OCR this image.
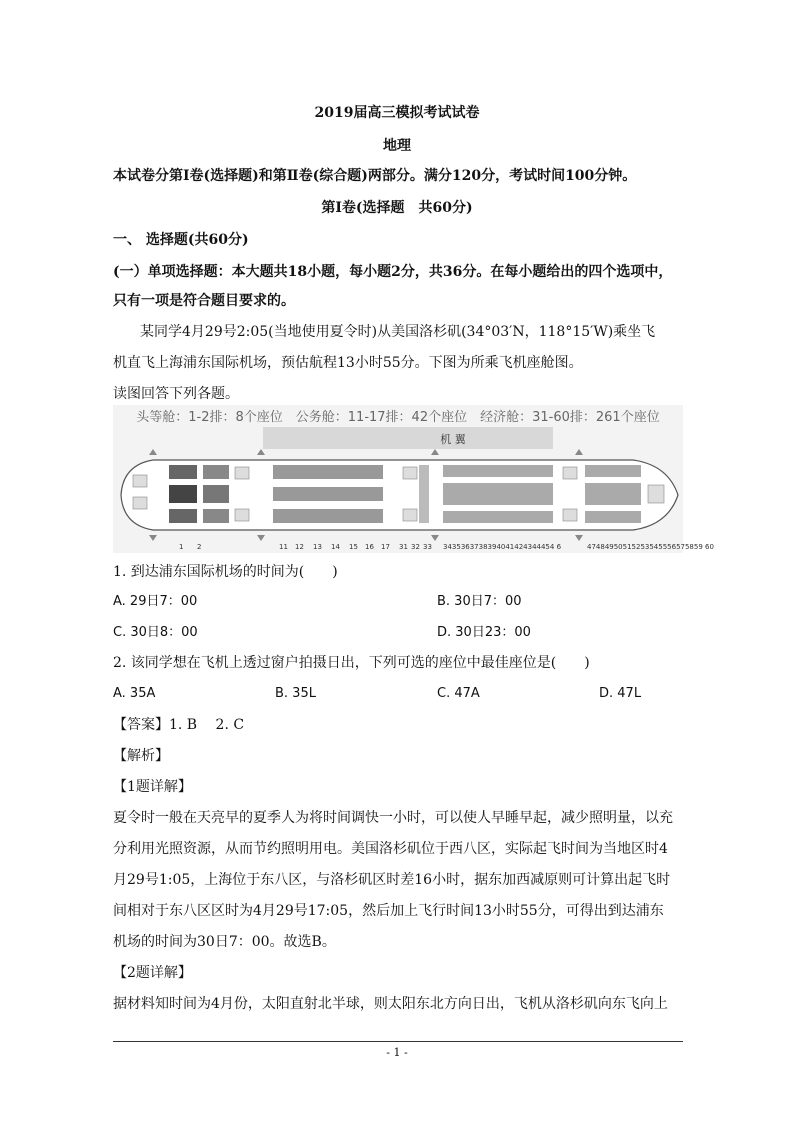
2019届高三模拟考试试卷
地理
本试卷分第Ⅰ卷(选择题)和第Ⅱ卷(综合题)两部分。满分120分，考试时间100分钟。
第Ⅰ卷(选择题　共60分)
一、 选择题(共60分)
(一）单项选择题：本大题共18小题，每小题2分，共36分。在每小题给出的四个选项中，
只有一项是符合题目要求的。
某同学4月29号2:05(当地使用夏令时)从美国洛杉矶(34°03′N，118°15′W)乘坐飞
机直飞上海浦东国际机场，预估航程13小时55分。下图为所乘飞机座舱图。
读图回答下列各题。
头等舱：1-2排：8个座位　公务舱：11-17排：42个座位　经济舱：31-60排：261个座位
机 翼
1 2	11 12 13 14 15 16 17 31 32 33 3435363738394041424344454 6	47484950515253545556575859 60
1. 到达浦东国际机场的时间为(　　)
A. 29日7：00	B. 30日7：00
C. 30日8：00	D. 30日23：00
2. 该同学想在飞机上透过窗户拍摄日出，下列可选的座位中最佳座位是(　　)
A. 35A	B. 35L	C. 47A	D. 47L
【答案】1. B　 2. C
【解析】
【1题详解】
夏令时一般在天亮早的夏季人为将时间调快一小时，可以使人早睡早起，减少照明量，以充
分利用光照资源，从而节约照明用电。美国洛杉矶位于西八区，实际起飞时间为当地区时4
月29号1:05，上海位于东八区，与洛杉矶区时差16小时，据东加西减原则可计算出起飞时
间相对于东八区区时为4月29号17:05，然后加上飞行时间13小时55分，可得出到达浦东
机场的时间为30日7：00。故选B。
【2题详解】
据材料知时间为4月份，太阳直射北半球，则太阳东北方向日出，飞机从洛杉矶向东飞向上
- 1 -
